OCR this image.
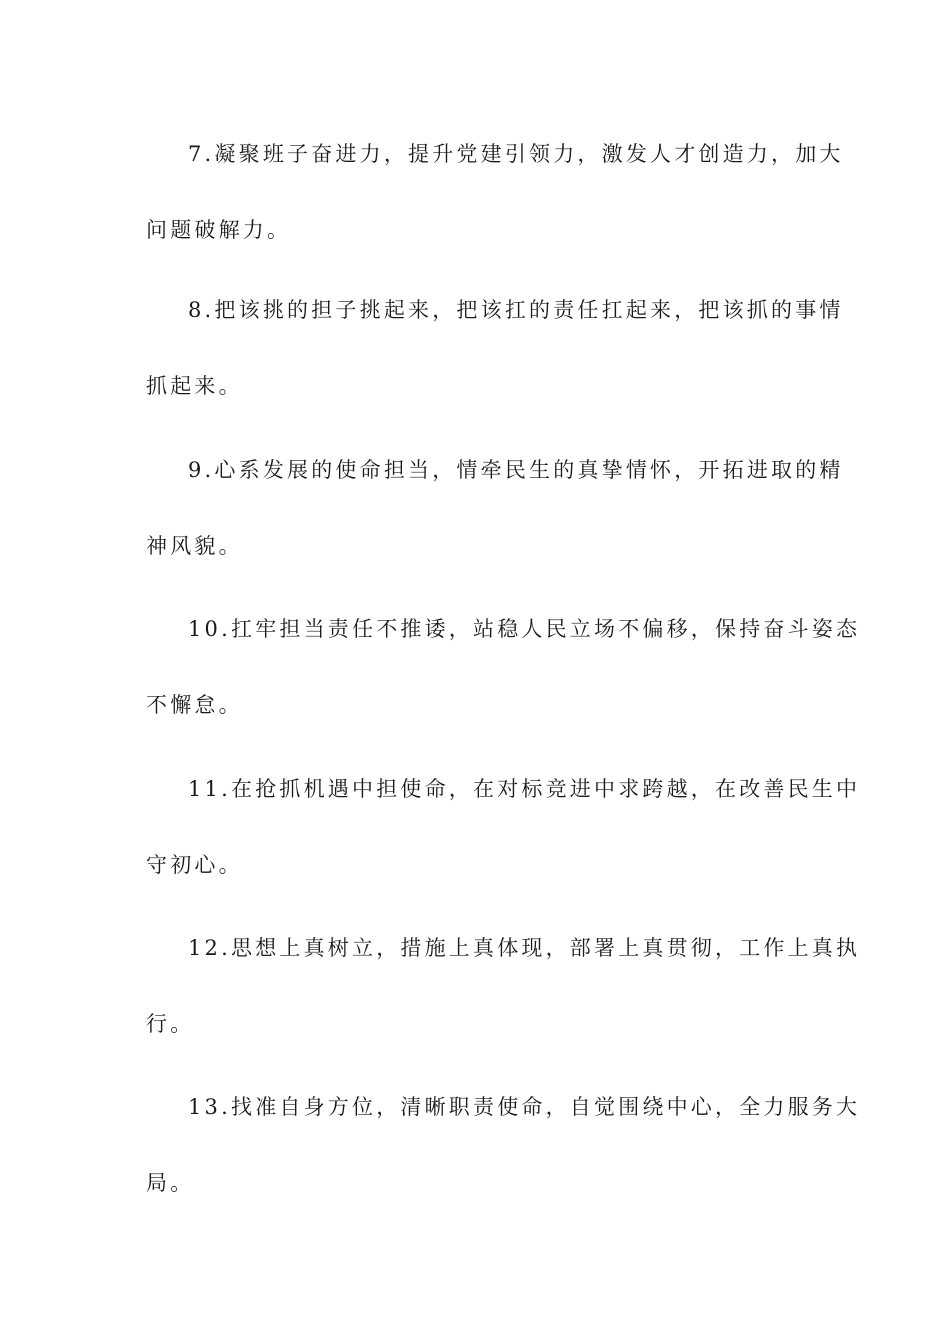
7.凝聚班子奋进力，提升党建引领力，激发人才创造力，加大
问题破解力。

8.把该挑的担子挑起来，把该扛的责任扛起来，把该抓的事情
抓起来。

9.心系发展的使命担当，情牵民生的真挚情怀，开拓进取的精
神风貌。

10.扛牢担当责任不推诿，站稳人民立场不偏移，保持奋斗姿态
不懈怠。

11.在抢抓机遇中担使命，在对标竞进中求跨越，在改善民生中
守初心。

12.思想上真树立，措施上真体现，部署上真贯彻，工作上真执
行。

13.找准自身方位，清晰职责使命，自觉围绕中心，全力服务大
局。
